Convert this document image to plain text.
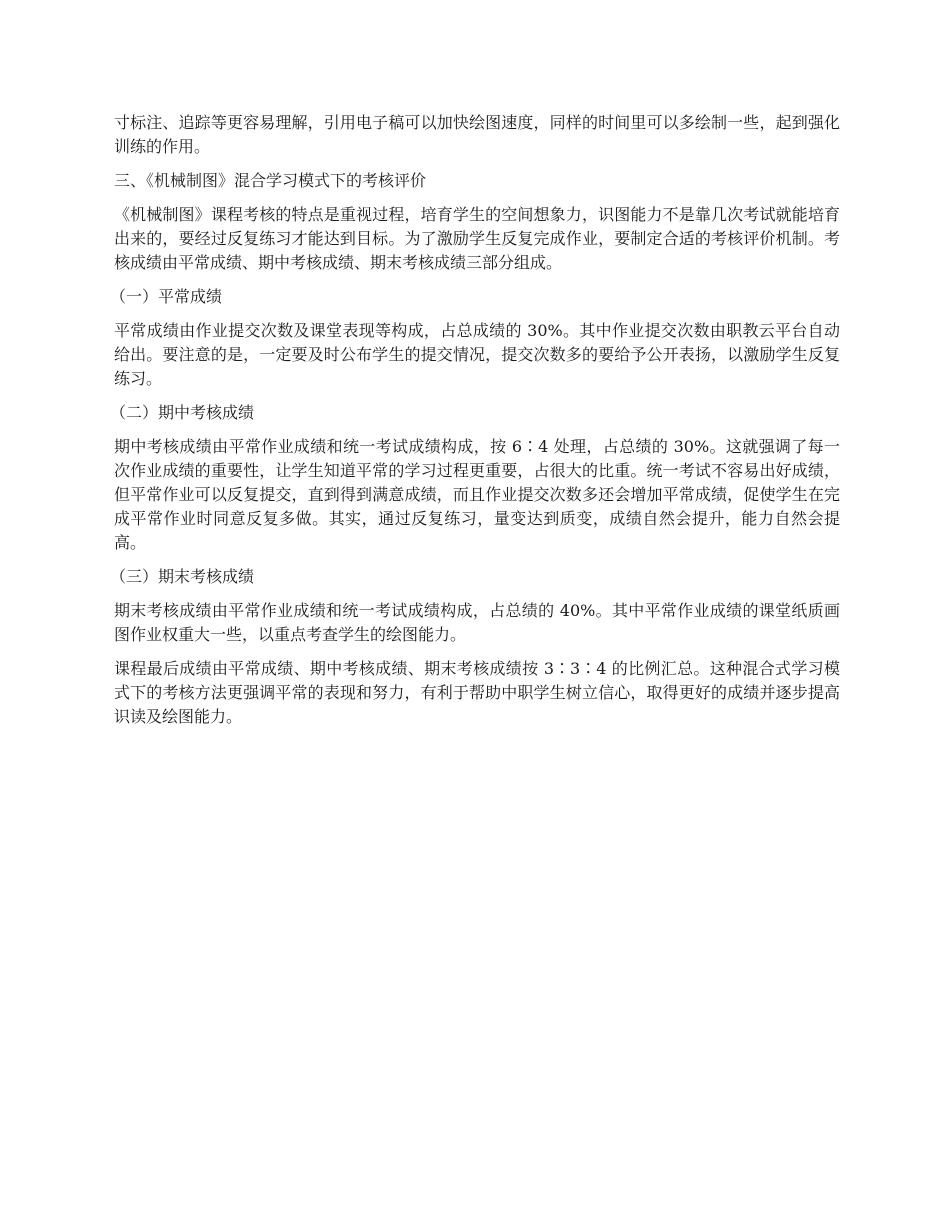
寸标注、追踪等更容易理解，引用电子稿可以加快绘图速度，同样的时间里可以多绘制一些，起到强化训练的作用。

三、《机械制图》混合学习模式下的考核评价

《机械制图》课程考核的特点是重视过程，培育学生的空间想象力，识图能力不是靠几次考试就能培育出来的，要经过反复练习才能达到目标。为了激励学生反复完成作业，要制定合适的考核评价机制。考核成绩由平常成绩、期中考核成绩、期末考核成绩三部分组成。

（一）平常成绩

平常成绩由作业提交次数及课堂表现等构成，占总成绩的 30%。其中作业提交次数由职教云平台自动给出。要注意的是，一定要及时公布学生的提交情况，提交次数多的要给予公开表扬，以激励学生反复练习。

（二）期中考核成绩

期中考核成绩由平常作业成绩和统一考试成绩构成，按 6∶4 处理，占总绩的 30%。这就强调了每一次作业成绩的重要性，让学生知道平常的学习过程更重要，占很大的比重。统一考试不容易出好成绩，但平常作业可以反复提交，直到得到满意成绩，而且作业提交次数多还会增加平常成绩，促使学生在完成平常作业时同意反复多做。其实，通过反复练习，量变达到质变，成绩自然会提升，能力自然会提高。

（三）期末考核成绩

期末考核成绩由平常作业成绩和统一考试成绩构成，占总绩的 40%。其中平常作业成绩的课堂纸质画图作业权重大一些，以重点考查学生的绘图能力。

课程最后成绩由平常成绩、期中考核成绩、期末考核成绩按 3∶3∶4 的比例汇总。这种混合式学习模式下的考核方法更强调平常的表现和努力，有利于帮助中职学生树立信心，取得更好的成绩并逐步提高识读及绘图能力。
